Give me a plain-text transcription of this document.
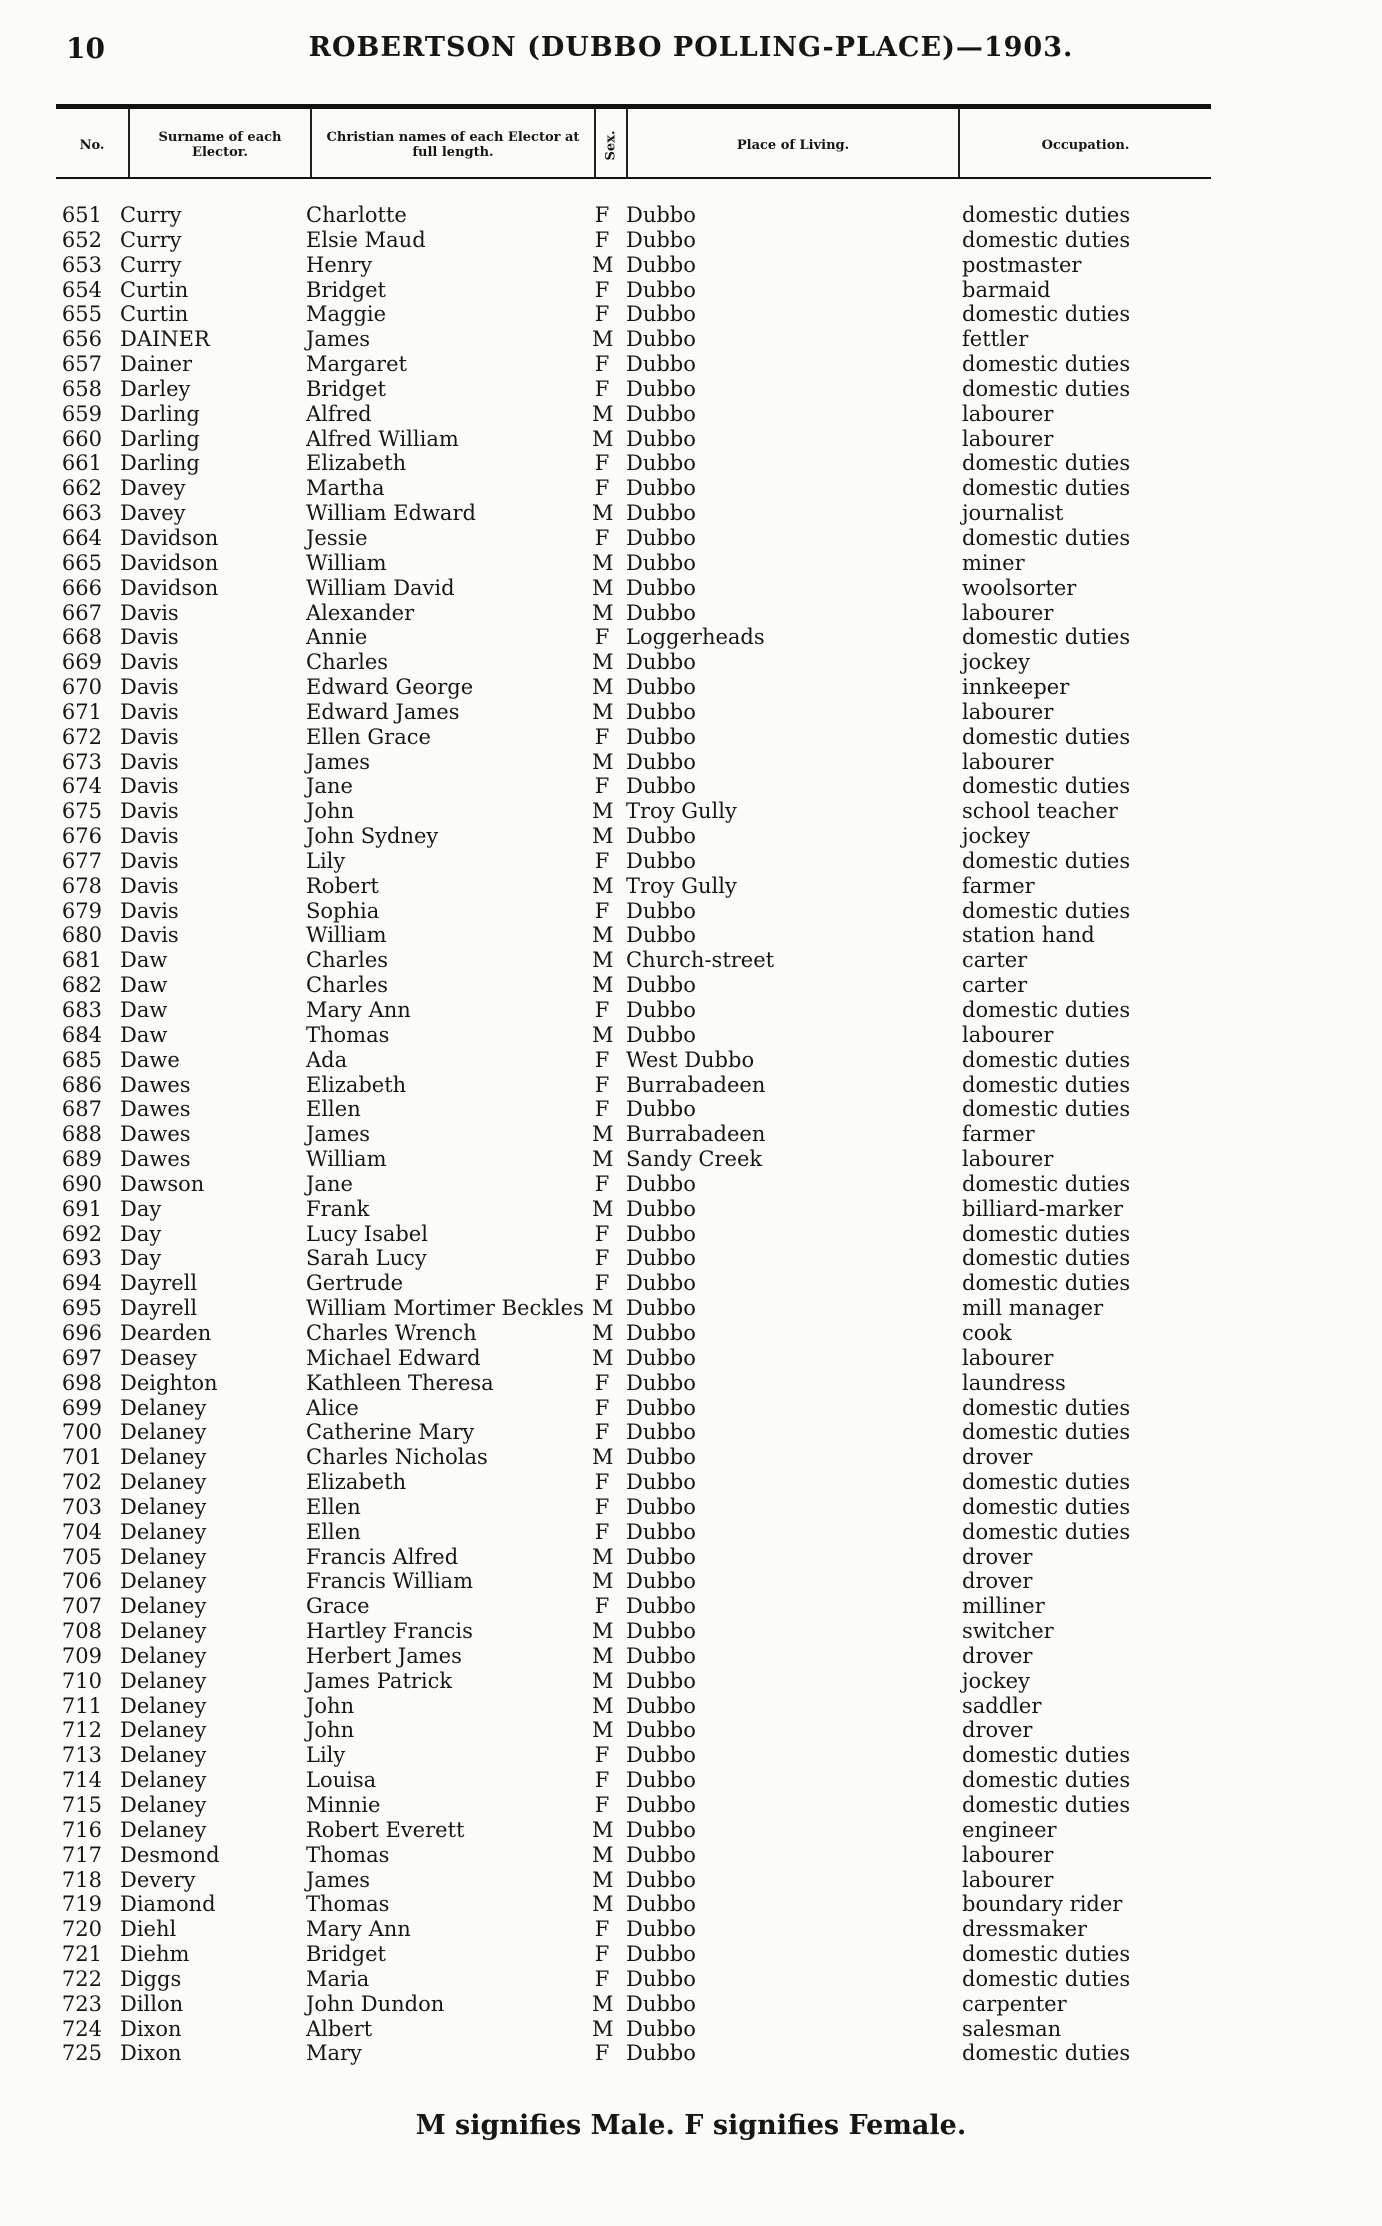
10	ROBERTSON (DUBBO POLLING-PLACE)—1903.
No.	Surname of each Elector.
Christian names of each Elector at full length.	Sex.	Place of Living.	Occupation.
651 Curry	Charlotte	F Dubbo	domestic duties
652 Curry	Elsie Maud	F Dubbo	domestic duties
653 Curry	Henry	M Dubbo	postmaster
654 Curtin	Bridget	F Dubbo	barmaid
655 Curtin	Maggie	F Dubbo	domestic duties
656 DAINER	James	M Dubbo	fettler
657 Dainer	Margaret	F Dubbo	domestic duties
658 Darley	Bridget	F Dubbo	domestic duties
659 Darling	Alfred	M Dubbo	labourer
660 Darling	Alfred William	M Dubbo	labourer
661 Darling	Elizabeth	F Dubbo	domestic duties
662 Davey	Martha	F Dubbo	domestic duties
663 Davey	William Edward	M Dubbo	journalist
664 Davidson	Jessie	F Dubbo	domestic duties
665 Davidson	William	M Dubbo	miner
666 Davidson	William David	M Dubbo	woolsorter
667 Davis	Alexander	M Dubbo	labourer
668 Davis	Annie	F Loggerheads	domestic duties
669 Davis	Charles	M Dubbo	jockey
670 Davis	Edward George	M Dubbo	innkeeper
671 Davis	Edward James	M Dubbo	labourer
672 Davis	Ellen Grace	F Dubbo	domestic duties
673 Davis	James	M Dubbo	labourer
674 Davis	Jane	F Dubbo	domestic duties
675 Davis	John	M Troy Gully	school teacher
676 Davis	John Sydney	M Dubbo	jockey
677 Davis	Lily	F Dubbo	domestic duties
678 Davis	Robert	M Troy Gully	farmer
679 Davis	Sophia	F Dubbo	domestic duties
680 Davis	William	M Dubbo	station hand
681 Daw	Charles	M Church-street	carter
682 Daw	Charles	M Dubbo	carter
683 Daw	Mary Ann	F Dubbo	domestic duties
684 Daw	Thomas	M Dubbo	labourer
685 Dawe	Ada	F West Dubbo	domestic duties
686 Dawes	Elizabeth	F Burrabadeen	domestic duties
687 Dawes	Ellen	F Dubbo	domestic duties
688 Dawes	James	M Burrabadeen	farmer
689 Dawes	William	M Sandy Creek	labourer
690 Dawson	Jane	F Dubbo	domestic duties
691 Day	Frank	M Dubbo	billiard-marker
692 Day	Lucy Isabel	F Dubbo	domestic duties
693 Day	Sarah Lucy	F Dubbo	domestic duties
694 Dayrell	Gertrude	F Dubbo	domestic duties
695 Dayrell	William Mortimer Beckles M Dubbo	mill manager
696 Dearden	Charles Wrench	M Dubbo	cook
697 Deasey	Michael Edward	M Dubbo	labourer
698 Deighton	Kathleen Theresa	F Dubbo	laundress
699 Delaney	Alice	F Dubbo	domestic duties
700 Delaney	Catherine Mary	F Dubbo	domestic duties
701 Delaney	Charles Nicholas	M Dubbo	drover
702 Delaney	Elizabeth	F Dubbo	domestic duties
703 Delaney	Ellen	F Dubbo	domestic duties
704 Delaney	Ellen	F Dubbo	domestic duties
705 Delaney	Francis Alfred	M Dubbo	drover
706 Delaney	Francis William	M Dubbo	drover
707 Delaney	Grace	F Dubbo	milliner
708 Delaney	Hartley Francis	M Dubbo	switcher
709 Delaney	Herbert James	M Dubbo	drover
710 Delaney	James Patrick	M Dubbo	jockey
711 Delaney	John	M Dubbo	saddler
712 Delaney	John	M Dubbo	drover
713 Delaney	Lily	F Dubbo	domestic duties
714 Delaney	Louisa	F Dubbo	domestic duties
715 Delaney	Minnie	F Dubbo	domestic duties
716 Delaney	Robert Everett	M Dubbo	engineer
717 Desmond	Thomas	M Dubbo	labourer
718 Devery	James	M Dubbo	labourer
719 Diamond	Thomas	M Dubbo	boundary rider
720 Diehl	Mary Ann	F Dubbo	dressmaker
721 Diehm	Bridget	F Dubbo	domestic duties
722 Diggs	Maria	F Dubbo	domestic duties
723 Dillon	John Dundon	M Dubbo	carpenter
724 Dixon	Albert	M Dubbo	salesman
725 Dixon	Mary	F Dubbo	domestic duties
M signifies Male. F signifies Female.
